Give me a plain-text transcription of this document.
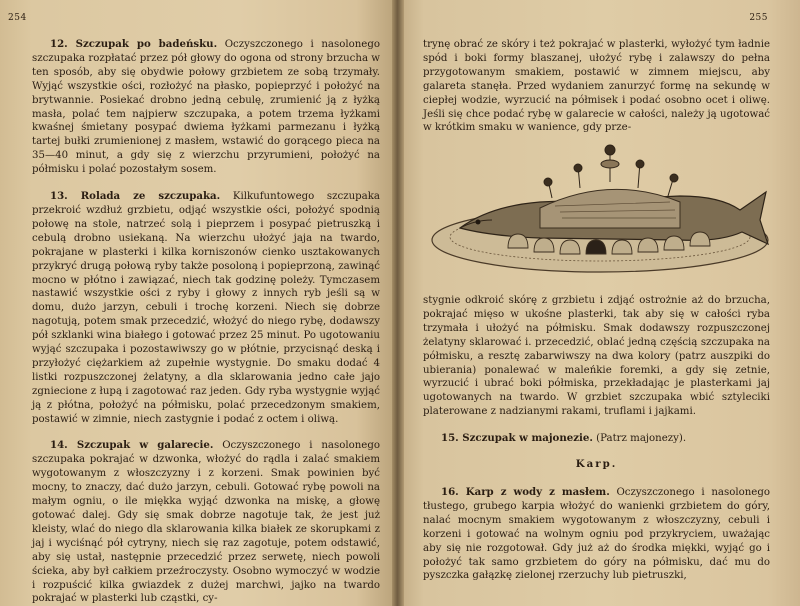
254

12. Szczupak po badeńsku. Oczyszczonego i nasolonego szczupaka rozpłatać przez pół głowy do ogona od strony brzucha w ten sposób, aby się obydwie połowy grzbietem ze sobą trzymały. Wyjąć wszystkie ości, rozłożyć na płasko, popieprzyć i położyć na brytwannie. Posiekać drobno jedną cebulę, zrumienić ją z łyżką masła, polać tem najpierw szczupaka, a potem trzema łyżkami kwaśnej śmietany posypać dwiema łyżkami parmezanu i łyżką tartej bułki zrumienionej z masłem, wstawić do gorącego pieca na 35—40 minut, a gdy się z wierzchu przyrumieni, położyć na półmisku i polać pozostałym sosem.

13. Rolada ze szczupaka. Kilkufuntowego szczupaka przekroić wzdłuż grzbietu, odjąć wszystkie ości, położyć spodnią połowę na stole, natrzeć solą i pieprzem i posypać pietruszką i cebulą drobno usiekaną. Na wierzchu ułożyć jaja na twardo, pokrajane w plasterki i kilka korniszonów cienko usztakowanych przykryć drugą połową ryby także posoloną i popieprzoną, zawinąć mocno w płótno i zawiązać, niech tak godzinę poleży. Tymczasem nastawić wszystkie ości z ryby i głowy z innych ryb jeśli są w domu, dużo jarzyn, cebuli i trochę korzeni. Niech się dobrze nagotują, potem smak przecedzić, włożyć do niego rybę, dodawszy pół szklanki wina białego i gotować przez 25 minut. Po ugotowaniu wyjąć szczupaka i pozostawiwszy go w płótnie, przycisnąć deską i przyłożyć ciężarkiem aż zupełnie wystygnie. Do smaku dodać 4 listki rozpuszczonej żelatyny, a dla sklarowania jedno całe jajo zgniecione z łupą i zagotować raz jeden. Gdy ryba wystygnie wyjąć ją z płótna, położyć na półmisku, polać przecedzonym smakiem, postawić w zimnie, niech zastygnie i podać z octem i oliwą.

14. Szczupak w galarecie. Oczyszczonego i nasolonego szczupaka pokrajać w dzwonka, włożyć do rądla i zalać smakiem wygotowanym z włoszczyzny i z korzeni. Smak powinien być mocny, to znaczy, dać dużo jarzyn, cebuli. Gotować rybę powoli na małym ogniu, o ile miękka wyjąć dzwonka na miskę, a głowę gotować dalej. Gdy się smak dobrze nagotuje tak, że jest już kleisty, wlać do niego dla sklarowania kilka białek ze skorupkami z jaj i wyciśnąć pół cytryny, niech się raz zagotuje, potem odstawić, aby się ustał, następnie przecedzić przez serwetę, niech powoli ścieka, aby był całkiem przeźroczysty. Osobno wymoczyć w wodzie i rozpuścić kilka gwiazdek z dużej marchwi, jajko na twardo pokrajać w plasterki lub cząstki, cy-

255

trynę obrać ze skóry i też pokrajać w plasterki, wyłożyć tym ładnie spód i boki formy blaszanej, ułożyć rybę i zalawszy do pełna przygotowanym smakiem, postawić w zimnem miejscu, aby galareta stanęła. Przed wydaniem zanurzyć formę na sekundę w ciepłej wodzie, wyrzucić na półmisek i podać osobno ocet i oliwę. Jeśli się chce podać rybę w galarecie w całości, należy ją ugotować w krótkim smaku w wanience, gdy prze-

stygnie odkroić skórę z grzbietu i zdjąć ostrożnie aż do brzucha, pokrajać mięso w ukośne plasterki, tak aby się w całości ryba trzymała i ułożyć na półmisku. Smak dodawszy rozpuszczonej żelatyny sklarować i. przecedzić, oblać jedną częścią szczupaka na półmisku, a resztę zabarwiwszy na dwa kolory (patrz auszpiki do ubierania) ponalewać w maleńkie foremki, a gdy się zetnie, wyrzucić i ubrać boki półmiska, przekładając je plasterkami jaj ugotowanych na twardo. W grzbiet szczupaka wbić sztyleciki platerowane z nadzianymi rakami, truflami i jajkami.

15. Szczupak w majonezie. (Patrz majonezy).

Karp.

16. Karp z wody z masłem. Oczyszczonego i nasolonego tłustego, grubego karpia włożyć do wanienki grzbietem do góry, nalać mocnym smakiem wygotowanym z włoszczyzny, cebuli i korzeni i gotować na wolnym ogniu pod przykryciem, uważając aby się nie rozgotował. Gdy już aż do środka miękki, wyjąć go i położyć tak samo grzbietem do góry na półmisku, dać mu do pyszczka gałązkę zielonej rzerzuchy lub pietruszki,
